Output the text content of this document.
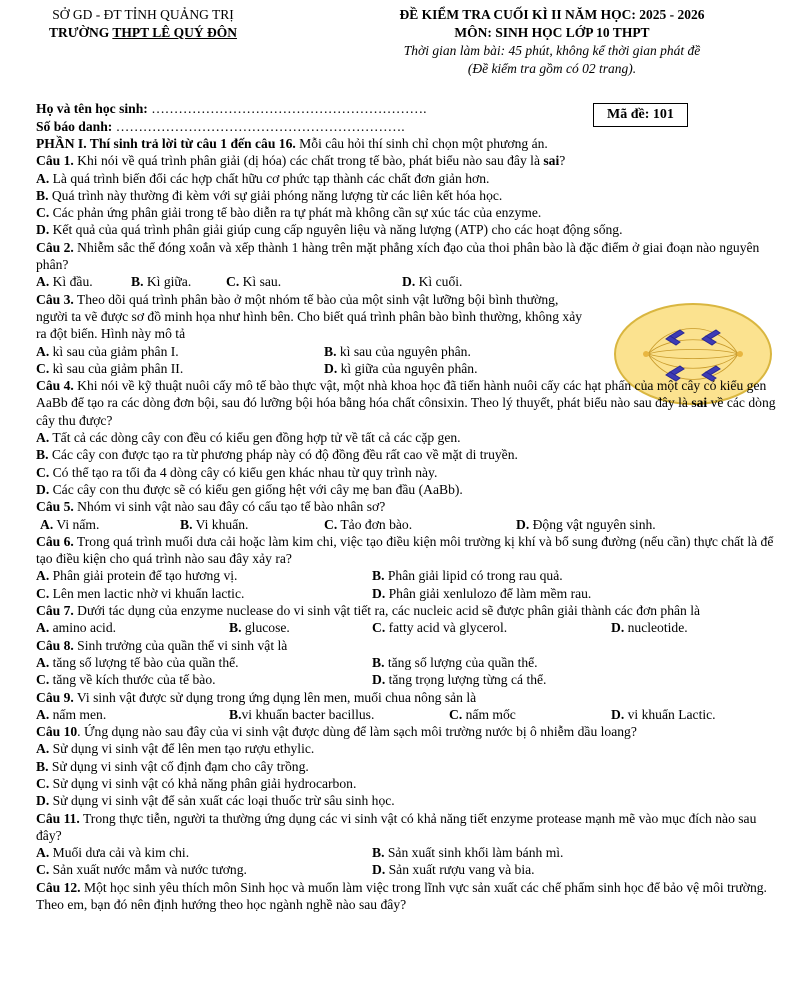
SỞ GD - ĐT TỈNH QUẢNG TRỊ
TRƯỜNG THPT LÊ QUÝ ĐÔN
ĐỀ KIỂM TRA CUỐI KÌ II NĂM HỌC: 2025 - 2026
MÔN: SINH HỌC LỚP 10 THPT
Thời gian làm bài: 45 phút, không kể thời gian phát đề
(Đề kiểm tra gồm có 02 trang).
Họ và tên học sinh: …………………………………………………….
Số báo danh: ……………………………………………………….
Mã đề: 101

PHẦN I. Thí sinh trả lời từ câu 1 đến câu 16. Mỗi câu hỏi thí sinh chỉ chọn một phương án.

Câu 1. Khi nói về quá trình phân giải (dị hóa) các chất trong tế bào, phát biểu nào sau đây là sai?

A. Là quá trình biến đổi các hợp chất hữu cơ phức tạp thành các chất đơn giản hơn.

B. Quá trình này thường đi kèm với sự giải phóng năng lượng từ các liên kết hóa học.

C. Các phản ứng phân giải trong tế bào diễn ra tự phát mà không cần sự xúc tác của enzyme.

D. Kết quả của quá trình phân giải giúp cung cấp nguyên liệu và năng lượng (ATP) cho các hoạt động sống.

Câu 2. Nhiễm sắc thể đóng xoắn và xếp thành 1 hàng trên mặt phẳng xích đạo của thoi phân bào là đặc điểm ở giai đoạn nào nguyên phân?

A. Kì đầu.	B. Kì giữa.	C. Kì sau.	D. Kì cuối.

Câu 3. Theo dõi quá trình phân bào ở một nhóm tế bào của một sinh vật lưỡng bội bình thường, người ta vẽ được sơ đồ minh họa như hình bên. Cho biết quá trình phân bào bình thường, không xảy ra đột biến. Hình này mô tả

A. kì sau của giảm phân I.	B. kì sau của nguyên phân.

C. kì sau của giảm phân II.	D. kì giữa của nguyên phân.

Câu 4. Khi nói về kỹ thuật nuôi cấy mô tế bào thực vật, một nhà khoa học đã tiến hành nuôi cấy các hạt phấn của một cây có kiểu gen AaBb để tạo ra các dòng đơn bội, sau đó lưỡng bội hóa bằng hóa chất cônsixin. Theo lý thuyết, phát biểu nào sau đây là sai về các dòng cây thu được?

A. Tất cả các dòng cây con đều có kiểu gen đồng hợp tử về tất cả các cặp gen.

B. Các cây con được tạo ra từ phương pháp này có độ đồng đều rất cao về mặt di truyền.

C. Có thể tạo ra tối đa 4 dòng cây có kiểu gen khác nhau từ quy trình này.

D. Các cây con thu được sẽ có kiểu gen giống hệt với cây mẹ ban đầu (AaBb).

Câu 5. Nhóm vi sinh vật nào sau đây có cấu tạo tế bào nhân sơ?

A. Vi nấm.	B. Vi khuẩn.	C. Tảo đơn bào.	D. Động vật nguyên sinh.

Câu 6. Trong quá trình muối dưa cải hoặc làm kim chi, việc tạo điều kiện môi trường kị khí và bổ sung đường (nếu cần) thực chất là để tạo điều kiện cho quá trình nào sau đây xảy ra?

A. Phân giải protein để tạo hương vị.	B. Phân giải lipid có trong rau quả.

C. Lên men lactic nhờ vi khuẩn lactic.	D. Phân giải xenlulozo để làm mềm rau.

Câu 7. Dưới tác dụng của enzyme nuclease do vi sinh vật tiết ra, các nucleic acid sẽ được phân giải thành các đơn phân là

A. amino acid.	B. glucose.	C. fatty acid và glycerol.	D. nucleotide.

Câu 8. Sinh trưởng của quần thể vi sinh vật là

A. tăng số lượng tế bào của quần thể.	B. tăng số lượng của quần thể.

C. tăng về kích thước của tế bào.	D. tăng trọng lượng từng cá thể.

Câu 9. Vi sinh vật được sử dụng trong ứng dụng lên men, muối chua nông sản là

A. nấm men.	B.vi khuẩn bacter bacillus.	C. nấm mốc	D. vi khuẩn Lactic.

Câu 10. Ứng dụng nào sau đây của vi sinh vật được dùng để làm sạch môi trường nước bị ô nhiễm dầu loang?

A. Sử dụng vi sinh vật để lên men tạo rượu ethylic.

B. Sử dụng vi sinh vật cố định đạm cho cây trồng.

C. Sử dụng vi sinh vật có khả năng phân giải hydrocarbon.

D. Sử dụng vi sinh vật để sản xuất các loại thuốc trừ sâu sinh học.

Câu 11. Trong thực tiễn, người ta thường ứng dụng các vi sinh vật có khả năng tiết enzyme protease mạnh mẽ vào mục đích nào sau đây?

A. Muối dưa cải và kim chi.	B. Sản xuất sinh khối làm bánh mì.

C. Sản xuất nước mắm và nước tương.	D. Sản xuất rượu vang và bia.

Câu 12. Một học sinh yêu thích môn Sinh học và muốn làm việc trong lĩnh vực sản xuất các chế phẩm sinh học để bảo vệ môi trường. Theo em, bạn đó nên định hướng theo học ngành nghề nào sau đây?
